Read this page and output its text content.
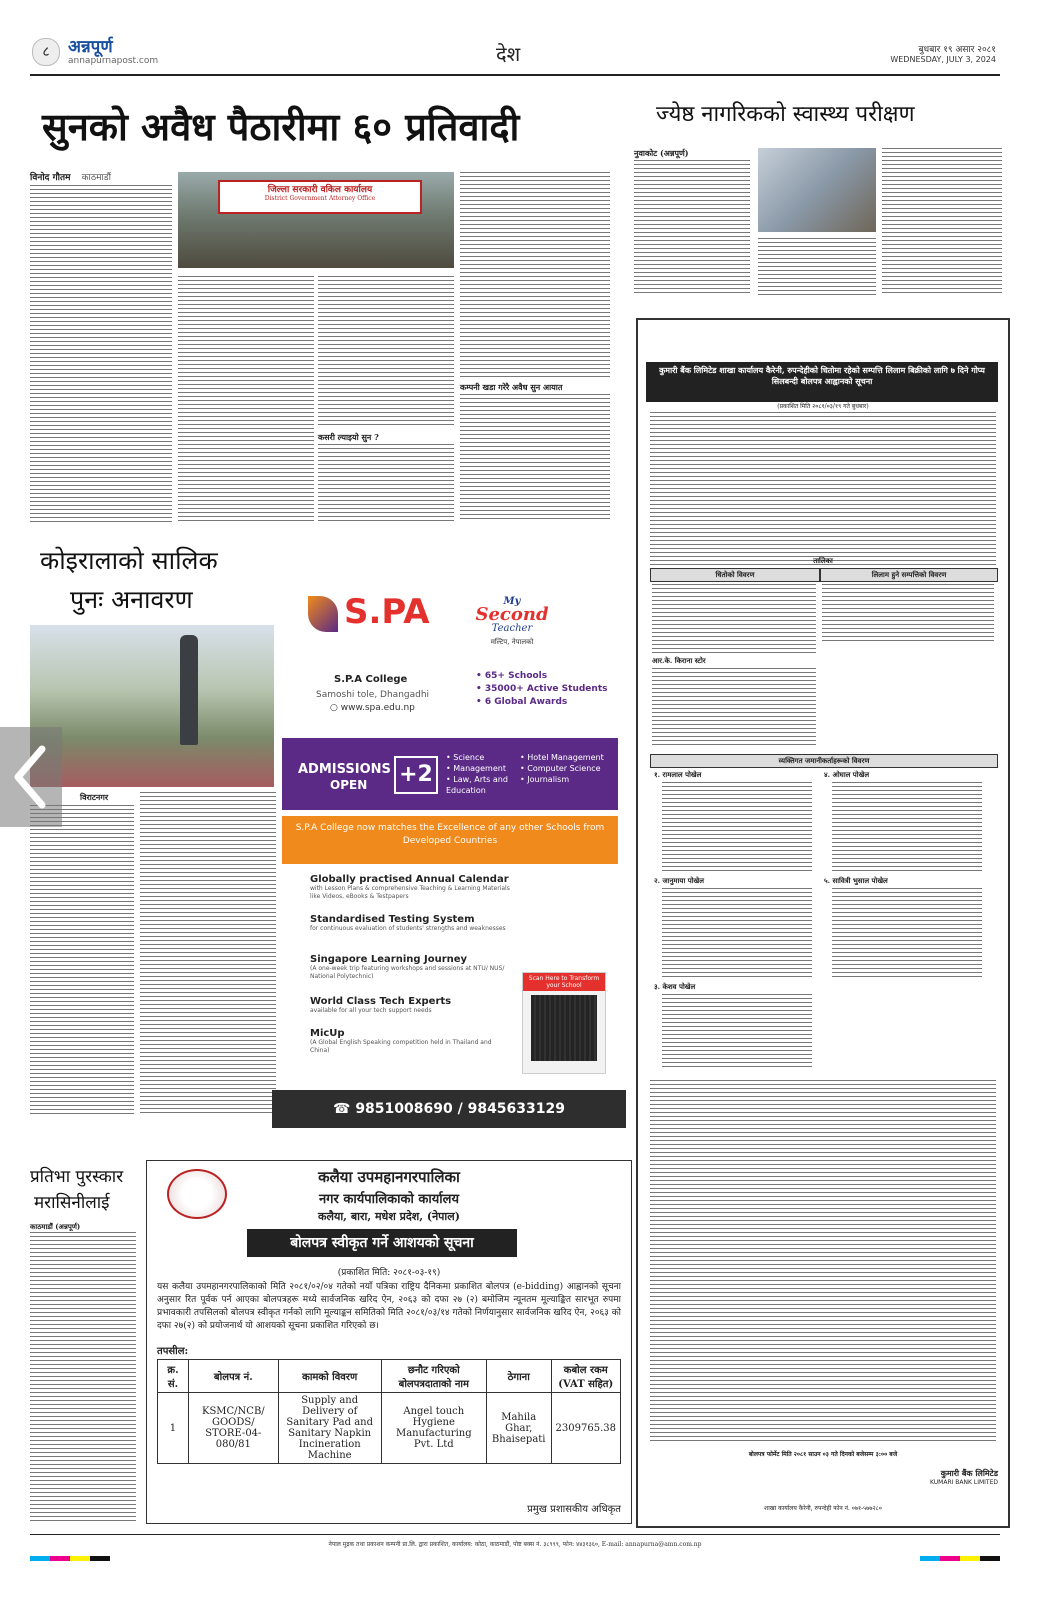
८	अन्नपूर्ण
annapurnapost.com	देश	बुधबार १९ असार २०८१
WEDNESDAY, JULY 3, 2024
सुनको अवैध पैठारीमा ६० प्रतिवादी
विनोद गौतम काठमाडौं
जिल्ला सरकारी वकिल कार्यालय
District Government Attorney Office
कसरी ल्याइयो सुन ?
कम्पनी खडा गरेरै अवैध सुन आयात
ज्येष्ठ नागरिकको स्वास्थ्य परीक्षण
नुवाकोट (अन्नपूर्ण)
कोइरालाको सालिक
पुनः अनावरण
विराटनगर
S.PA
S.P.A College
Samoshi tole, Dhangadhi
○ www.spa.edu.np
My
Second
Teacher
मल्टिप, नेपालको
• 65+ Schools
• 35000+ Active Students
• 6 Global Awards
ADMISSIONS
OPEN +2
• Science
• Management
• Law, Arts and Education
• Hotel Management
• Computer Science
• Journalism
S.P.A College now matches the Excellence of any other Schools from Developed Countries
Globally practised Annual Calendar
with Lesson Plans & comprehensive Teaching & Learning Materials like Videos, eBooks & Testpapers
Standardised Testing System
for continuous evaluation of students' strengths and weaknesses
Singapore Learning Journey
(A one-week trip featuring workshops and sessions at NTU/ NUS/ National Polytechnic)
World Class Tech Experts
available for all your tech support needs
MicUp
(A Global English Speaking competition held in Thailand and China)
Scan Here to Transform your School
☎ 9851008690 / 9845633129
प्रतिभा पुरस्कार
मरासिनीलाई
काठमाडौं (अन्नपूर्ण)
कलैया उपमहानगरपालिका
नगर कार्यपालिकाको कार्यालय
कलैया, बारा, मधेश प्रदेश, (नेपाल)
बोलपत्र स्वीकृत गर्ने आशयको सूचना
(प्रकाशित मिति: २०८१-०३-१९)
यस कलैया उपमहानगरपालिकाको मिति २०८१/०२/०४ गतेको नयाँ पत्रिका राष्ट्रिय दैनिकमा प्रकाशित बोलपत्र (e-bidding) आह्वानको सूचना अनुसार रित पूर्वक पर्न आएका बोलपत्रहरू मध्ये सार्वजनिक खरिद ऐन, २०६३ को दफा २७ (२) बमोजिम न्यूनतम मूल्याङ्कित सारभूत रुपमा प्रभावकारी तपसिलको बोलपत्र स्वीकृत गर्नको लागि मूल्याङ्कन समितिको मिति २०८१/०३/१४ गतेको निर्णयानुसार सार्वजनिक खरिद ऐन, २०६३ को दफा २७(२) को प्रयोजनार्थ यो आशयको सूचना प्रकाशित गरिएको छ।
तपसील:
क्र. सं.	बोलपत्र नं.	कामको विवरण	छनौट गरिएको बोलपत्रदाताको नाम	ठेगाना	कबोल रकम (VAT सहित)
1	KSMC/NCB/ GOODS/ STORE-04-080/81	Supply and Delivery of Sanitary Pad and Sanitary Napkin Incineration Machine	Angel touch Hygiene Manufacturing Pvt. Ltd	Mahila Ghar, Bhaisepati	2309765.38
प्रमुख प्रशासकीय अधिकृत
कुमारी बैंक लिमिटेड शाखा कार्यालय कैरेनी, रुपन्देहीको धितोमा रहेको सम्पत्ति लिलाम बिक्रीको लागि ७ दिने गोप्य सिलबन्दी बोलपत्र आह्वानको सूचना
(प्रकाशित मिति २०८१/०३/१९ गते बुधबार)
तालिका
धितोको विवरण	लिलाम हुने सम्पत्तिको विवरण
आर.के. किराना स्टोर
व्यक्तिगत जमानीकर्ताहरूको विवरण
१. रामलाल पोखेल
२. जानुमाया पोखेल
३. केशव पोखेल
४. ओघाल पोखेल
५. सावित्री भुसाल पोखेल
बोलपत्र फोर्मेट मिति २०८१ साउन ०३ गते दिनको बजेसम्म ३:०० बजे
कुमारी बैंक लिमिटेड
KUMARI BANK LIMITED
शाखा कार्यालय कैरेनी, रुपन्देही फोन नं. ०७१-५७७२८०
नेपाल मुद्रक तथा प्रकाशन कम्पनी प्रा.लि. द्वारा प्रकाशित, कार्यालय: कोठा, काठमाडौं, पोष्ट बक्स नं. ३८९९९, फोन: ४४३१३६०, E-mail: annapurna@amn.com.np
